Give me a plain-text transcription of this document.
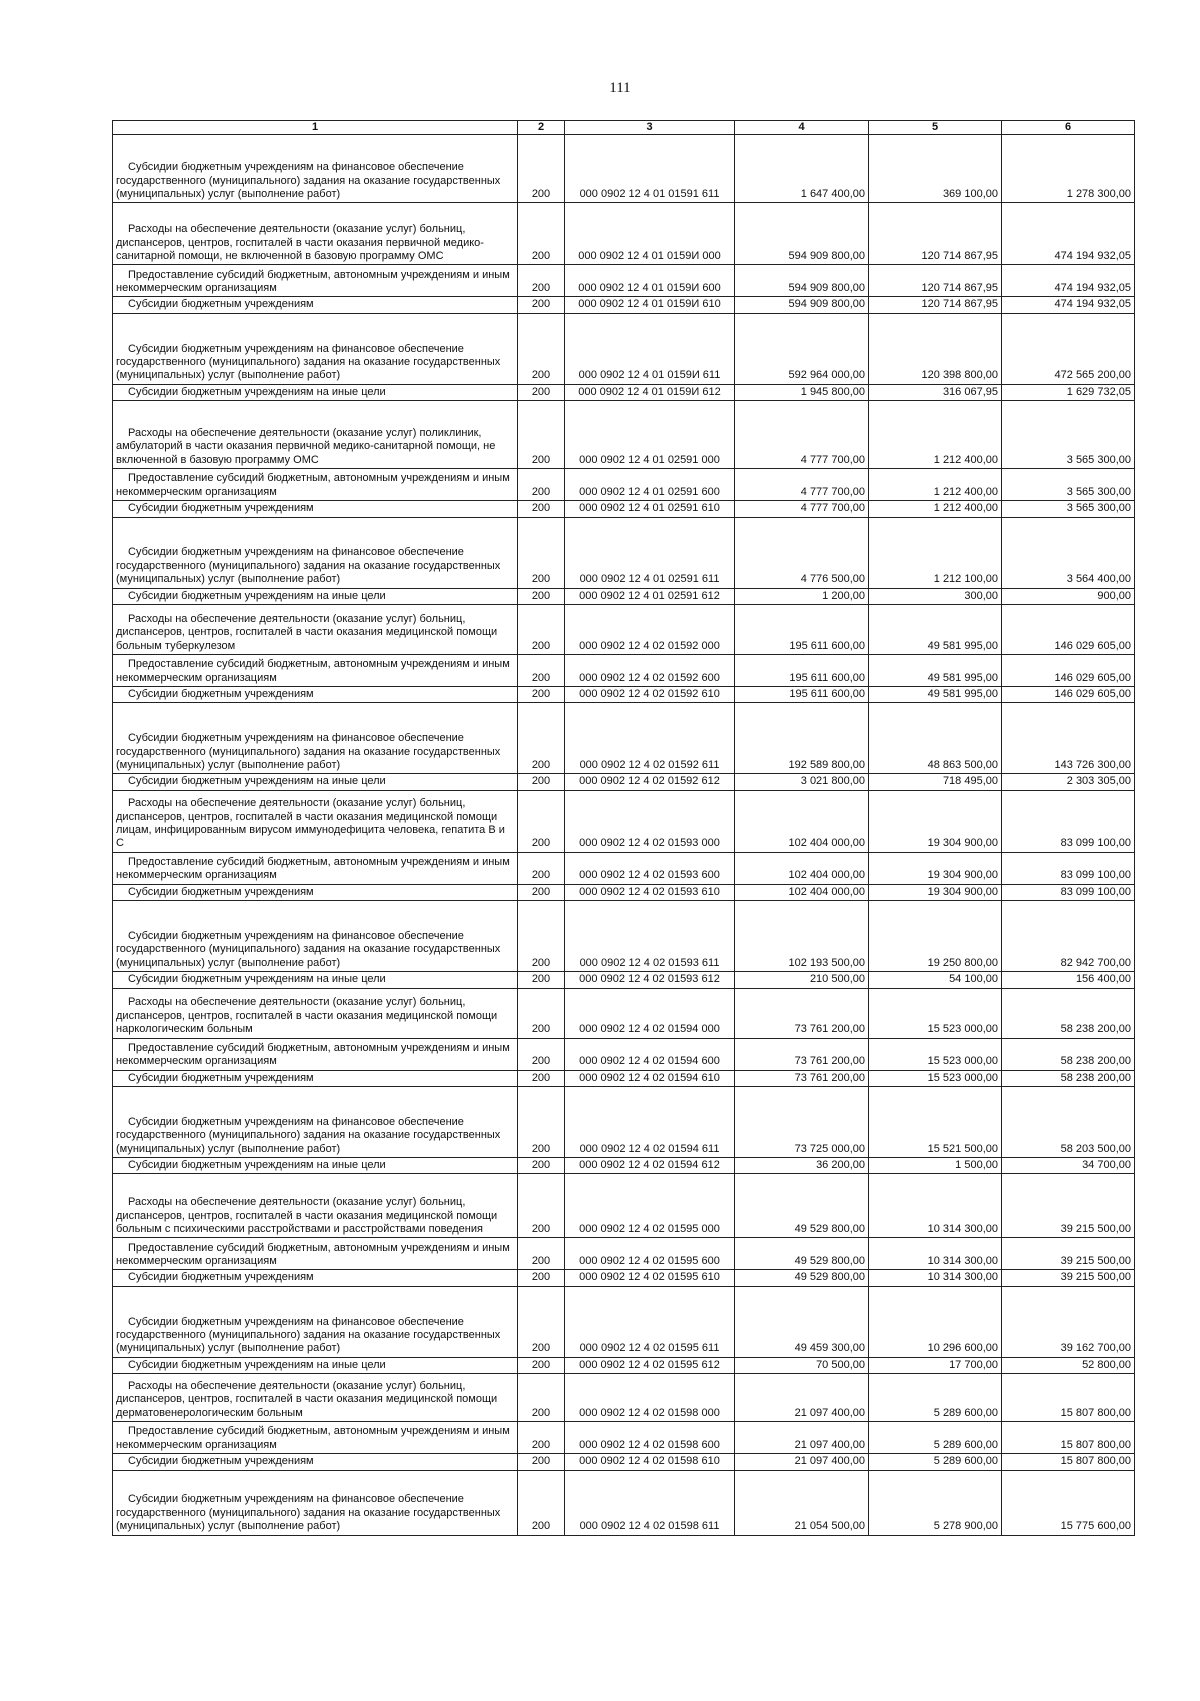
111
1	2	3	4	5	6
Субсидии бюджетным учреждениям на финансовое обеспечение государственного (муниципального) задания на оказание государственных (муниципальных) услуг (выполнение работ)	200	000 0902 12 4 01 01591 611	1 647 400,00	369 100,00	1 278 300,00
Расходы на обеспечение деятельности (оказание услуг) больниц, диспансеров, центров, госпиталей в части оказания первичной медико-санитарной помощи, не включенной в базовую программу ОМС	200	000 0902 12 4 01 0159И 000	594 909 800,00	120 714 867,95	474 194 932,05
Предоставление субсидий бюджетным, автономным учреждениям и иным некоммерческим организациям	200	000 0902 12 4 01 0159И 600	594 909 800,00	120 714 867,95	474 194 932,05
Субсидии бюджетным учреждениям	200	000 0902 12 4 01 0159И 610	594 909 800,00	120 714 867,95	474 194 932,05
Субсидии бюджетным учреждениям на финансовое обеспечение государственного (муниципального) задания на оказание государственных (муниципальных) услуг (выполнение работ)	200	000 0902 12 4 01 0159И 611	592 964 000,00	120 398 800,00	472 565 200,00
Субсидии бюджетным учреждениям на иные цели	200	000 0902 12 4 01 0159И 612	1 945 800,00	316 067,95	1 629 732,05
Расходы на обеспечение деятельности (оказание услуг) поликлиник, амбулаторий в части оказания первичной медико-санитарной помощи, не включенной в базовую программу ОМС	200	000 0902 12 4 01 02591 000	4 777 700,00	1 212 400,00	3 565 300,00
Предоставление субсидий бюджетным, автономным учреждениям и иным некоммерческим организациям	200	000 0902 12 4 01 02591 600	4 777 700,00	1 212 400,00	3 565 300,00
Субсидии бюджетным учреждениям	200	000 0902 12 4 01 02591 610	4 777 700,00	1 212 400,00	3 565 300,00
Субсидии бюджетным учреждениям на финансовое обеспечение государственного (муниципального) задания на оказание государственных (муниципальных) услуг (выполнение работ)	200	000 0902 12 4 01 02591 611	4 776 500,00	1 212 100,00	3 564 400,00
Субсидии бюджетным учреждениям на иные цели	200	000 0902 12 4 01 02591 612	1 200,00	300,00	900,00
Расходы на обеспечение деятельности (оказание услуг) больниц, диспансеров, центров, госпиталей в части оказания медицинской помощи больным туберкулезом	200	000 0902 12 4 02 01592 000	195 611 600,00	49 581 995,00	146 029 605,00
Предоставление субсидий бюджетным, автономным учреждениям и иным некоммерческим организациям	200	000 0902 12 4 02 01592 600	195 611 600,00	49 581 995,00	146 029 605,00
Субсидии бюджетным учреждениям	200	000 0902 12 4 02 01592 610	195 611 600,00	49 581 995,00	146 029 605,00
Субсидии бюджетным учреждениям на финансовое обеспечение государственного (муниципального) задания на оказание государственных (муниципальных) услуг (выполнение работ)	200	000 0902 12 4 02 01592 611	192 589 800,00	48 863 500,00	143 726 300,00
Субсидии бюджетным учреждениям на иные цели	200	000 0902 12 4 02 01592 612	3 021 800,00	718 495,00	2 303 305,00
Расходы на обеспечение деятельности (оказание услуг) больниц, диспансеров, центров, госпиталей в части оказания медицинской помощи лицам, инфицированным вирусом иммунодефицита человека, гепатита В и С	200	000 0902 12 4 02 01593 000	102 404 000,00	19 304 900,00	83 099 100,00
Предоставление субсидий бюджетным, автономным учреждениям и иным некоммерческим организациям	200	000 0902 12 4 02 01593 600	102 404 000,00	19 304 900,00	83 099 100,00
Субсидии бюджетным учреждениям	200	000 0902 12 4 02 01593 610	102 404 000,00	19 304 900,00	83 099 100,00
Субсидии бюджетным учреждениям на финансовое обеспечение государственного (муниципального) задания на оказание государственных (муниципальных) услуг (выполнение работ)	200	000 0902 12 4 02 01593 611	102 193 500,00	19 250 800,00	82 942 700,00
Субсидии бюджетным учреждениям на иные цели	200	000 0902 12 4 02 01593 612	210 500,00	54 100,00	156 400,00
Расходы на обеспечение деятельности (оказание услуг) больниц, диспансеров, центров, госпиталей в части оказания медицинской помощи наркологическим больным	200	000 0902 12 4 02 01594 000	73 761 200,00	15 523 000,00	58 238 200,00
Предоставление субсидий бюджетным, автономным учреждениям и иным некоммерческим организациям	200	000 0902 12 4 02 01594 600	73 761 200,00	15 523 000,00	58 238 200,00
Субсидии бюджетным учреждениям	200	000 0902 12 4 02 01594 610	73 761 200,00	15 523 000,00	58 238 200,00
Субсидии бюджетным учреждениям на финансовое обеспечение государственного (муниципального) задания на оказание государственных (муниципальных) услуг (выполнение работ)	200	000 0902 12 4 02 01594 611	73 725 000,00	15 521 500,00	58 203 500,00
Субсидии бюджетным учреждениям на иные цели	200	000 0902 12 4 02 01594 612	36 200,00	1 500,00	34 700,00
Расходы на обеспечение деятельности (оказание услуг) больниц, диспансеров, центров, госпиталей в части оказания медицинской помощи больным с психическими расстройствами и расстройствами поведения	200	000 0902 12 4 02 01595 000	49 529 800,00	10 314 300,00	39 215 500,00
Предоставление субсидий бюджетным, автономным учреждениям и иным некоммерческим организациям	200	000 0902 12 4 02 01595 600	49 529 800,00	10 314 300,00	39 215 500,00
Субсидии бюджетным учреждениям	200	000 0902 12 4 02 01595 610	49 529 800,00	10 314 300,00	39 215 500,00
Субсидии бюджетным учреждениям на финансовое обеспечение государственного (муниципального) задания на оказание государственных (муниципальных) услуг (выполнение работ)	200	000 0902 12 4 02 01595 611	49 459 300,00	10 296 600,00	39 162 700,00
Субсидии бюджетным учреждениям на иные цели	200	000 0902 12 4 02 01595 612	70 500,00	17 700,00	52 800,00
Расходы на обеспечение деятельности (оказание услуг) больниц, диспансеров, центров, госпиталей в части оказания медицинской помощи дерматовенерологическим больным	200	000 0902 12 4 02 01598 000	21 097 400,00	5 289 600,00	15 807 800,00
Предоставление субсидий бюджетным, автономным учреждениям и иным некоммерческим организациям	200	000 0902 12 4 02 01598 600	21 097 400,00	5 289 600,00	15 807 800,00
Субсидии бюджетным учреждениям	200	000 0902 12 4 02 01598 610	21 097 400,00	5 289 600,00	15 807 800,00
Субсидии бюджетным учреждениям на финансовое обеспечение государственного (муниципального) задания на оказание государственных (муниципальных) услуг (выполнение работ)	200	000 0902 12 4 02 01598 611	21 054 500,00	5 278 900,00	15 775 600,00
